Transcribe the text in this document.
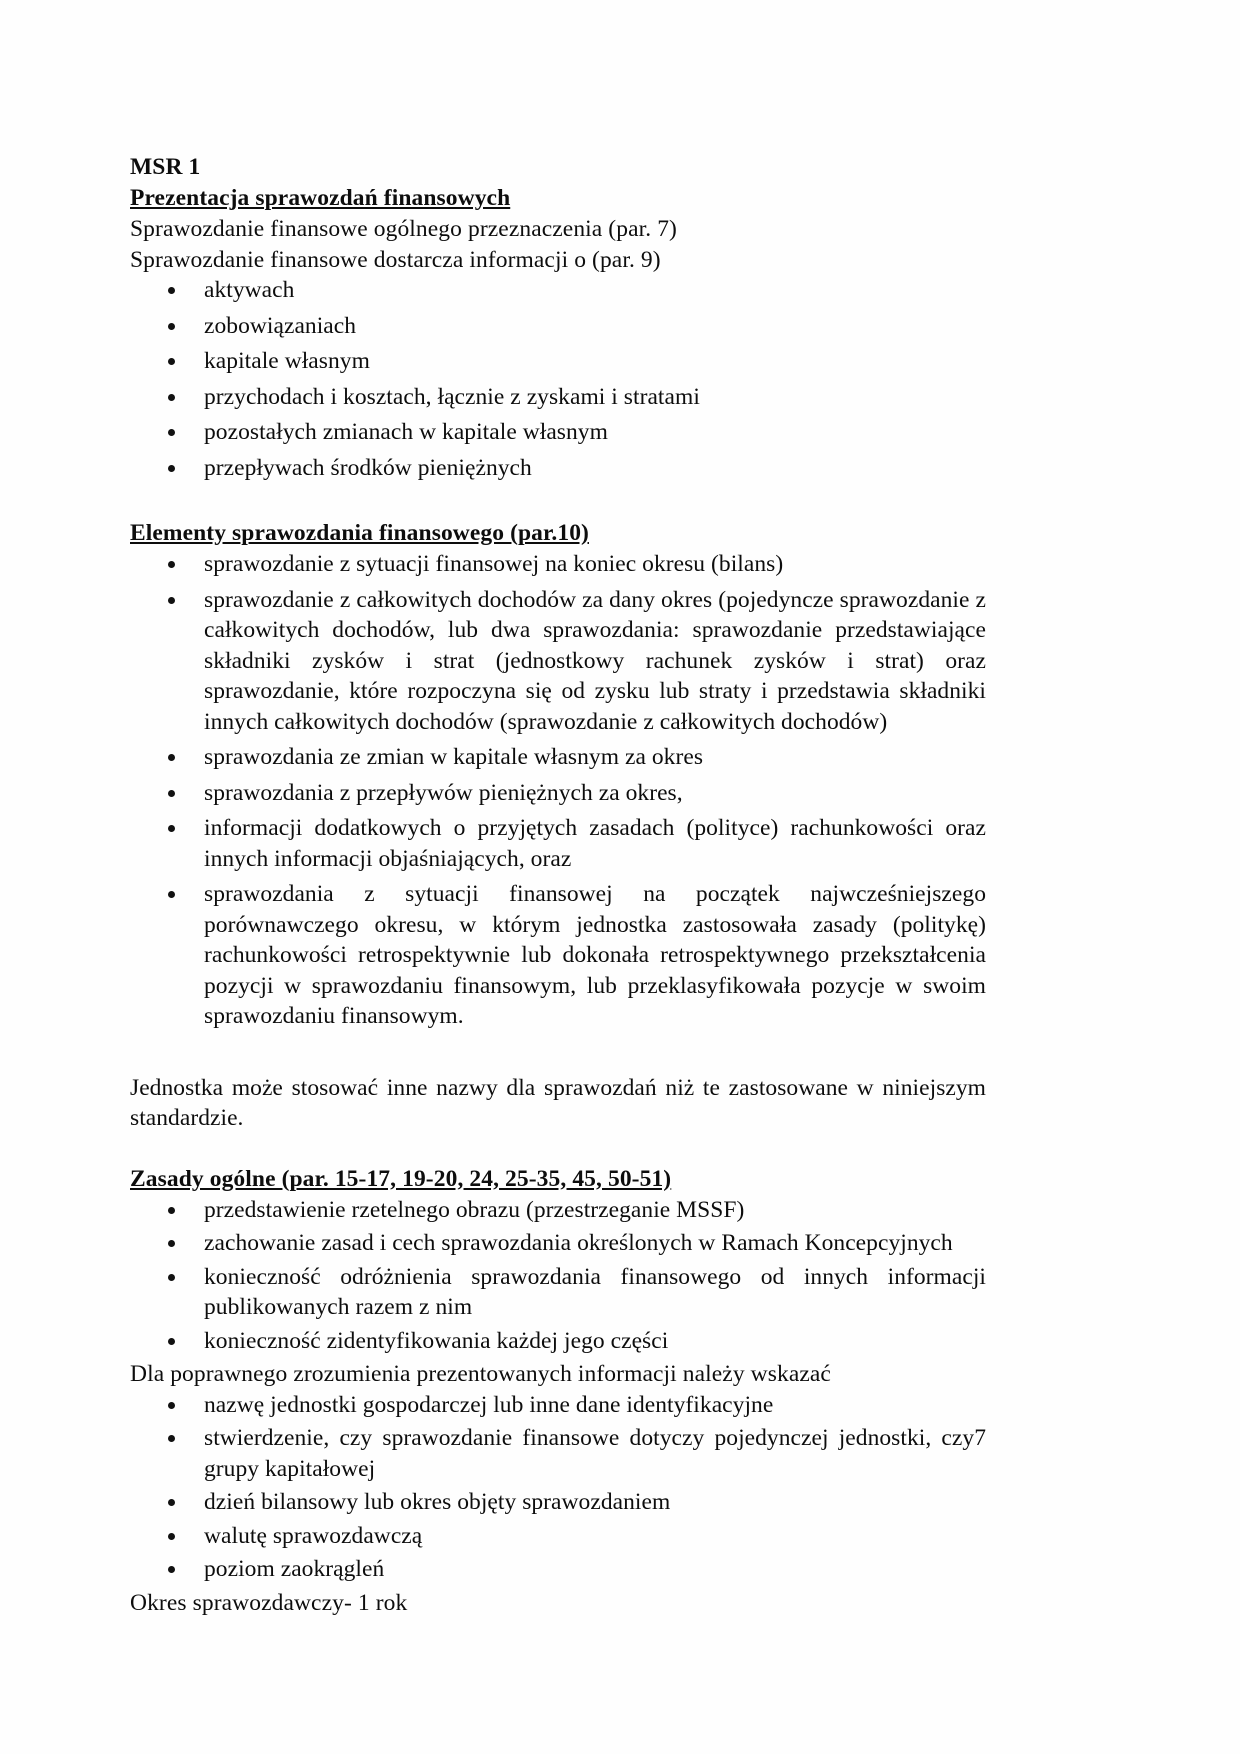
MSR 1
Prezentacja sprawozdań finansowych
Sprawozdanie finansowe ogólnego przeznaczenia (par. 7)
Sprawozdanie finansowe dostarcza informacji o (par. 9)
aktywach
zobowiązaniach
kapitale własnym
przychodach i kosztach, łącznie z zyskami i stratami
pozostałych zmianach w kapitale własnym
przepływach środków pieniężnych
Elementy sprawozdania finansowego (par.10)
sprawozdanie z sytuacji finansowej na koniec okresu (bilans)
sprawozdanie z całkowitych dochodów za dany okres (pojedyncze sprawozdanie z całkowitych dochodów, lub dwa sprawozdania: sprawozdanie przedstawiające składniki zysków i strat (jednostkowy rachunek zysków i strat) oraz sprawozdanie, które rozpoczyna się od zysku lub straty i przedstawia składniki innych całkowitych dochodów (sprawozdanie z całkowitych dochodów)
sprawozdania ze zmian w kapitale własnym za okres
sprawozdania z przepływów pieniężnych za okres,
informacji dodatkowych o przyjętych zasadach (polityce) rachunkowości oraz innych informacji objaśniających, oraz
sprawozdania z sytuacji finansowej na początek najwcześniejszego porównawczego okresu, w którym jednostka zastosowała zasady (politykę) rachunkowości retrospektywnie lub dokonała retrospektywnego przekształcenia pozycji w sprawozdaniu finansowym, lub przeklasyfikowała pozycje w swoim sprawozdaniu finansowym.
Jednostka może stosować inne nazwy dla sprawozdań niż te zastosowane w niniejszym standardzie.
Zasady ogólne (par. 15-17, 19-20, 24, 25-35, 45, 50-51)
przedstawienie rzetelnego obrazu (przestrzeganie MSSF)
zachowanie zasad i cech sprawozdania określonych w Ramach Koncepcyjnych
konieczność odróżnienia sprawozdania finansowego od innych informacji publikowanych razem z nim
konieczność zidentyfikowania każdej jego części
Dla poprawnego zrozumienia prezentowanych informacji należy wskazać
nazwę jednostki gospodarczej lub inne dane identyfikacyjne
stwierdzenie, czy sprawozdanie finansowe dotyczy pojedynczej jednostki, czy7 grupy kapitałowej
dzień bilansowy lub okres objęty sprawozdaniem
walutę sprawozdawczą
poziom zaokrągleń
Okres sprawozdawczy- 1 rok
